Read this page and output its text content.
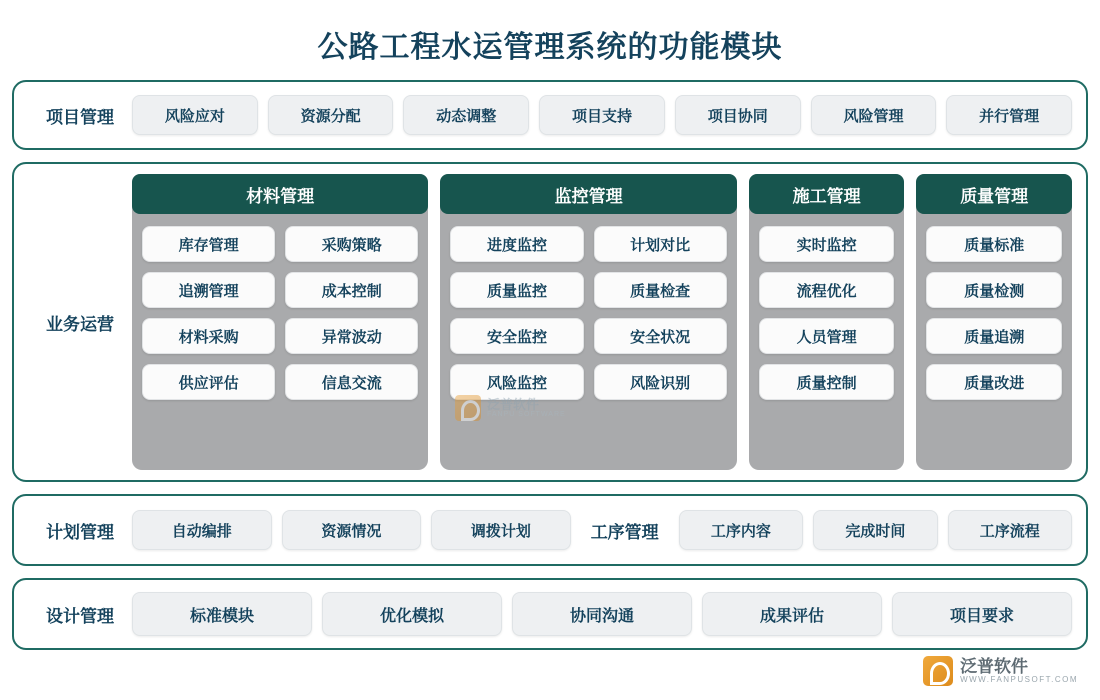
公路工程水运管理系统的功能模块
项目管理	风险应对	资源分配	动态调整	项目支持	项目协同	风险管理	并行管理
业务运营
材料管理
库存管理	采购策略
追溯管理	成本控制
材料采购	异常波动
供应评估	信息交流
监控管理
进度监控	计划对比
质量监控	质量检查
安全监控	安全状况
风险监控	风险识别
施工管理
实时监控
流程优化
人员管理
质量控制
质量管理
质量标准
质量检测
质量追溯
质量改进
泛普软件
FANPU SOFTWARE
计划管理	自动编排	资源情况	调拨计划	工序管理	工序内容	完成时间	工序流程
设计管理	标准模块	优化模拟	协同沟通	成果评估	项目要求
泛普软件
WWW.FANPUSOFT.COM
